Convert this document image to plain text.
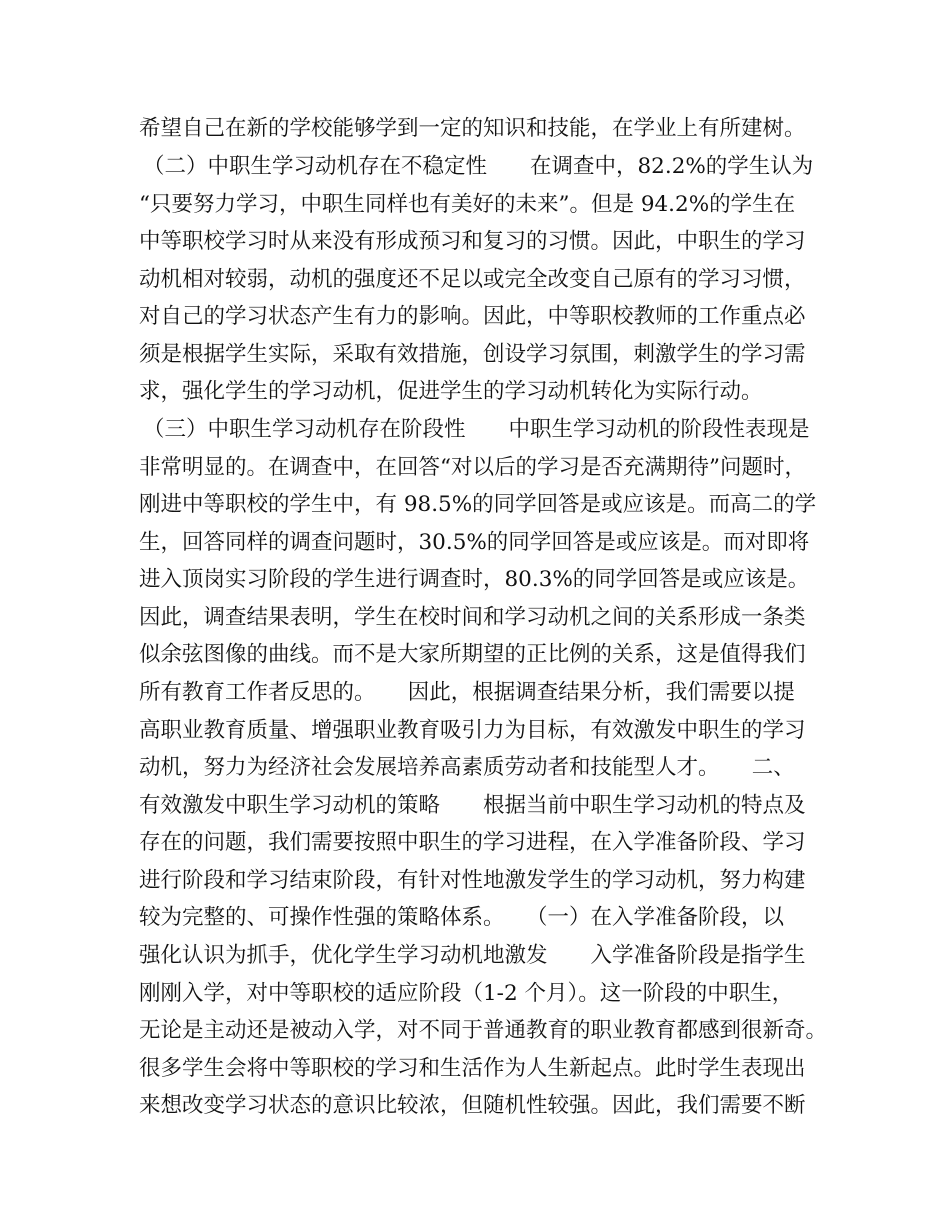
希望自己在新的学校能够学到一定的知识和技能，在学业上有所建树。
（二）中职生学习动机存在不稳定性　　在调查中，82.2%的学生认为
“只要努力学习，中职生同样也有美好的未来”。但是 94.2%的学生在
中等职校学习时从来没有形成预习和复习的习惯。因此，中职生的学习
动机相对较弱，动机的强度还不足以或完全改变自己原有的学习习惯，
对自己的学习状态产生有力的影响。因此，中等职校教师的工作重点必
须是根据学生实际，采取有效措施，创设学习氛围，刺激学生的学习需
求，强化学生的学习动机，促进学生的学习动机转化为实际行动。
（三）中职生学习动机存在阶段性　　中职生学习动机的阶段性表现是
非常明显的。在调查中，在回答“对以后的学习是否充满期待”问题时，
刚进中等职校的学生中，有 98.5%的同学回答是或应该是。而高二的学
生，回答同样的调查问题时，30.5%的同学回答是或应该是。而对即将
进入顶岗实习阶段的学生进行调查时，80.3%的同学回答是或应该是。
因此，调查结果表明，学生在校时间和学习动机之间的关系形成一条类
似余弦图像的曲线。而不是大家所期望的正比例的关系，这是值得我们
所有教育工作者反思的。　　因此，根据调查结果分析，我们需要以提
高职业教育质量、增强职业教育吸引力为目标，有效激发中职生的学习
动机，努力为经济社会发展培养高素质劳动者和技能型人才。　　二、
有效激发中职生学习动机的策略　　根据当前中职生学习动机的特点及
存在的问题，我们需要按照中职生的学习进程，在入学准备阶段、学习
进行阶段和学习结束阶段，有针对性地激发学生的学习动机，努力构建
较为完整的、可操作性强的策略体系。　　（一）在入学准备阶段，以
强化认识为抓手，优化学生学习动机地激发　　入学准备阶段是指学生
刚刚入学，对中等职校的适应阶段（1-2 个月）。这一阶段的中职生，
无论是主动还是被动入学，对不同于普通教育的职业教育都感到很新奇。
很多学生会将中等职校的学习和生活作为人生新起点。此时学生表现出
来想改变学习状态的意识比较浓，但随机性较强。因此，我们需要不断
